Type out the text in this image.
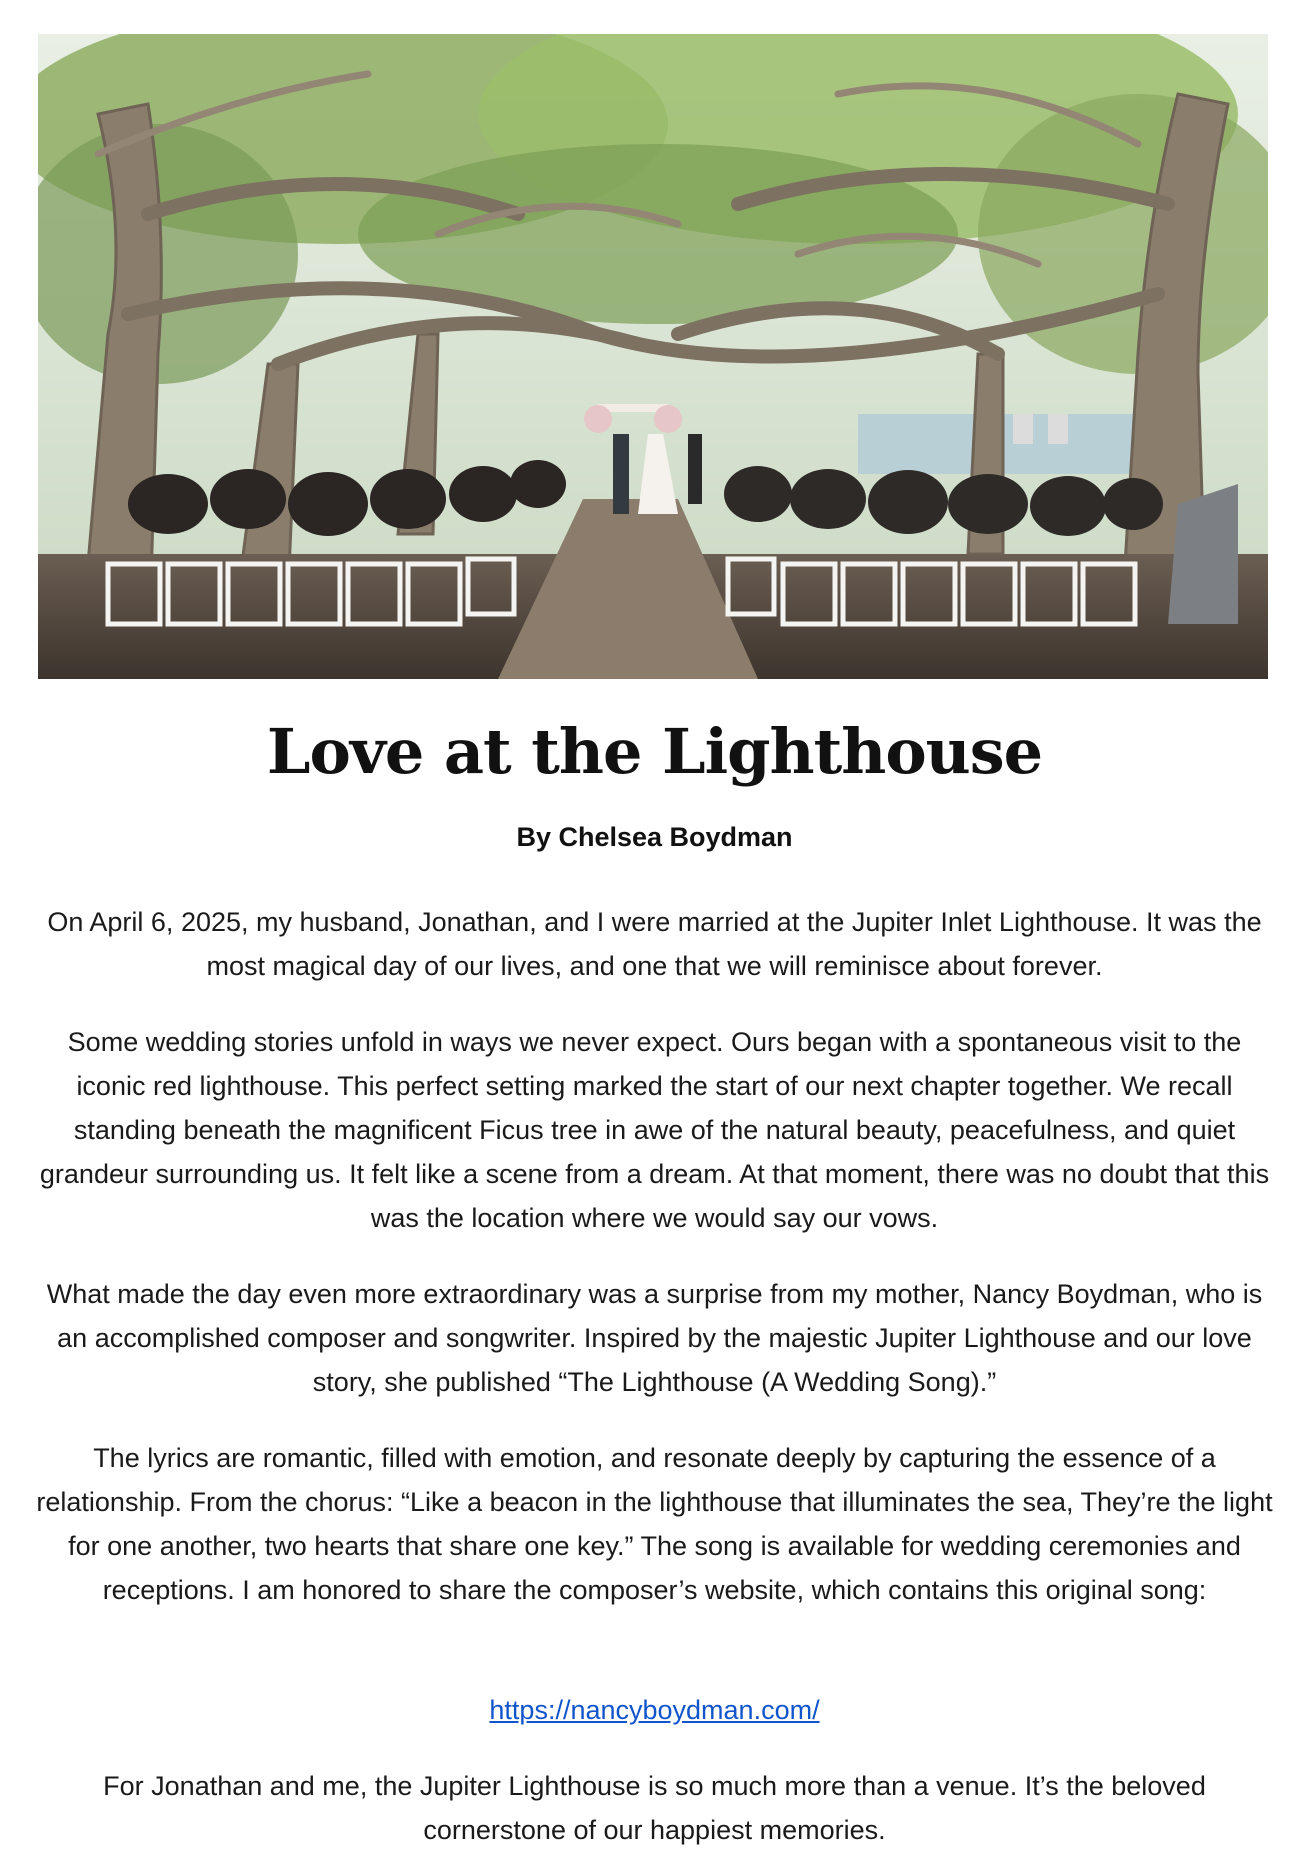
Love at the Lighthouse

By Chelsea Boydman

On April 6, 2025, my husband, Jonathan, and I were married at the Jupiter Inlet Lighthouse. It was the most magical day of our lives, and one that we will reminisce about forever.

Some wedding stories unfold in ways we never expect. Ours began with a spontaneous visit to the iconic red lighthouse. This perfect setting marked the start of our next chapter together. We recall standing beneath the magnificent Ficus tree in awe of the natural beauty, peacefulness, and quiet grandeur surrounding us. It felt like a scene from a dream. At that moment, there was no doubt that this was the location where we would say our vows.

What made the day even more extraordinary was a surprise from my mother, Nancy Boydman, who is an accomplished composer and songwriter. Inspired by the majestic Jupiter Lighthouse and our love story, she published “The Lighthouse (A Wedding Song).”

The lyrics are romantic, filled with emotion, and resonate deeply by capturing the essence of a relationship. From the chorus: “Like a beacon in the lighthouse that illuminates the sea, They’re the light for one another, two hearts that share one key.” The song is available for wedding ceremonies and receptions. I am honored to share the composer’s website, which contains this original song:

https://nancyboydman.com/

For Jonathan and me, the Jupiter Lighthouse is so much more than a venue. It’s the beloved cornerstone of our happiest memories.
